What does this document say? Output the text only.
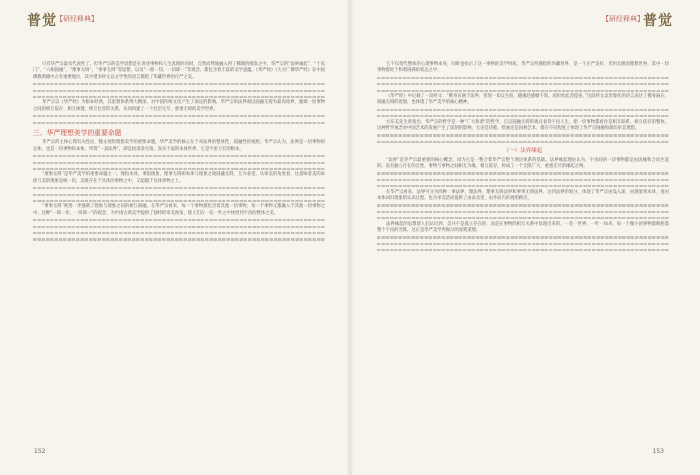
普觉 【研经释典】

只有华严宗最具代表性了。但华严宗的美学思想是在讲述事物和人生真理的同时，自然而然地融入到了佛理的阐发之中。华严宗的“法界缘起”、“十玄门”、“六相圆融”、“理事无碍”、“事事无碍”等思想，以及“一即一切，一切即一”等观念，都包含着丰富的美学意蕴。《华严经》《大方广佛华严经》在中国佛教典籍中占有重要地位，其中诸多经文以文学性的语言描绘了华藏世界的庄严之美。

华严宗以《华严经》为根本经典，其思想体系博大精深，对中国传统文化产生了深远的影响。华严宗的法界观以圆融无碍为最高境界，强调一切事物之间的相互依存、相互渗透、相互包容的关系，从而构建了一个层层无尽、重重无碍的美学世界。

三、华严理想美学的重要命题

华严宗的主体心理有关性论，随文观察理想美学的重要命题。华严美学的核心在于对法界的整体性、圆融性的观照。华严宗认为，法界是一切事物的总体，也是一切事物的本体。所谓“一真法界”，即是指清净无染、真实不虚的本体世界，它是宇宙万有的根本。

“理事无碍”是华严美学的重要命题之一。理指本体，事指现象，理事无碍即本体与现象之间圆融无碍、互为表里。从审美的角度看，这意味着美的本体与美的现象是统一的，美既存在于具体的事物之中，又超越于具体事物之上。

“事事无碍”则进一步强调了现象与现象之间的相互圆融。在华严宗看来，每一个事物都包含着其他一切事物，每一个事物又都融入于其他一切事物之中。这种“一即一切，一切即一”的观念，为中国古典美学提供了独特的审美视角，使人们在一花一叶之中体悟到宇宙的整体之美。

152
【研经释典】 普觉

它不仅指代整体的心理事物本身，同时也指示了这一事物的美学特质。华严宗所描绘的华藏世界，是一个庄严美好、光明无限的理想世界，其中一切事物都处于和谐圆满的状态之中。

《华严经》中记载了一段经文：“佛身充满于法界，普现一切众生前，随缘赴感靡不周，而恒处此菩提座。”这段经文以形象化的语言表达了佛身遍在、圆融无碍的思想，也体现了华严美学的核心精神。

方东美先生曾指出，华严宗的哲学是一种“广大和谐”的哲学，它以圆融无碍的观点看待宇宙人生，把一切事物都看作是相互联系、相互依存的整体。这种哲学观念对中国艺术的发展产生了深刻的影响，无论是诗歌、绘画还是园林艺术，都在不同程度上体现了华严宗圆融和谐的审美理想。

（一）法界缘起

“法界”是华严宗最重要的核心概念，因为它是一整合着华严宗整个理论体系的基础。法界缘起理论认为，宇宙间的一切事物都是由因缘和合而生起的，没有独立存在的自性，事物与事物之间相互为缘、相互依存，构成了一个无限广大、重重无尽的缘起之网。

在华严宗看来，法界可分为四种：事法界、理法界、理事无碍法界和事事无碍法界。这四法界的划分，体现了华严宗由浅入深、由现象到本体、再由本体回归现象的认识过程，也为审美活动提供了由表及里、由外而内的观照路径。

法界缘起的思想使人们认识到，美并不是孤立存在的，而是在事物的相互关系中显现出来的。一花一世界，一叶一如来，每一个微小的事物都映照着整个宇宙的光辉，这正是华严美学所揭示的深刻道理。

153
